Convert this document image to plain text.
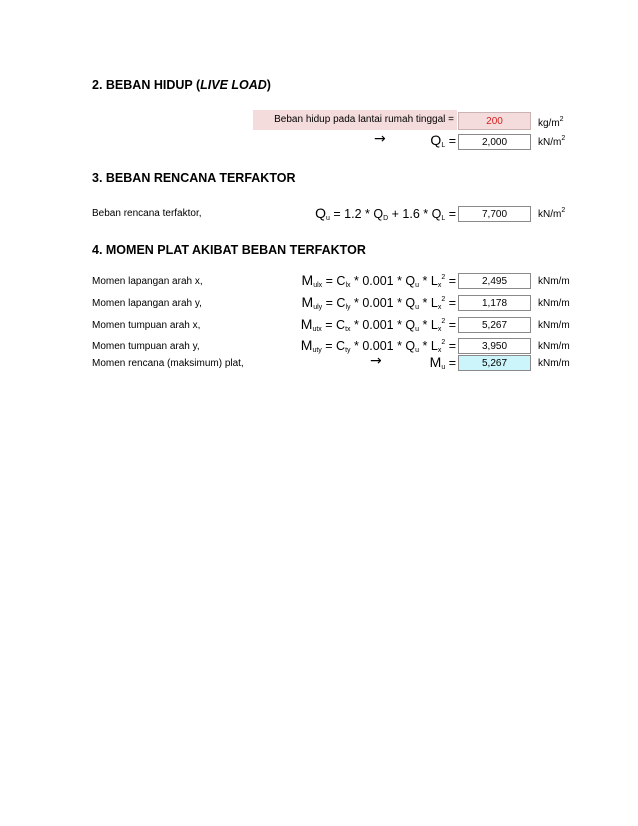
2. BEBAN HIDUP (LIVE LOAD)
Beban hidup pada lantai rumah tinggal =	200	$kg/m^2$
→	$Q_L$ =	2,000	$kN/m^2$
3. BEBAN RENCANA TERFAKTOR
Beban rencana terfaktor,	$Q_u = 1.2 * Q_D + 1.6 * Q_L$ =	7,700	$kN/m^2$
4. MOMEN PLAT AKIBAT BEBAN TERFAKTOR
Momen lapangan arah x,	$M_{ulx} = C_{lx} * 0.001 * Q_u * L_x^2$ =	2,495	kNm/m
Momen lapangan arah y,	$M_{uly} = C_{ly} * 0.001 * Q_u * L_x^2$ =	1,178	kNm/m
Momen tumpuan arah x,	$M_{utx} = C_{tx} * 0.001 * Q_u * L_x^2$ =	5,267	kNm/m
Momen tumpuan arah y,	$M_{uty} = C_{ty} * 0.001 * Q_u * L_x^2$ =	3,950	kNm/m
Momen rencana (maksimum) plat,	→	$M_u$ =	5,267	kNm/m
